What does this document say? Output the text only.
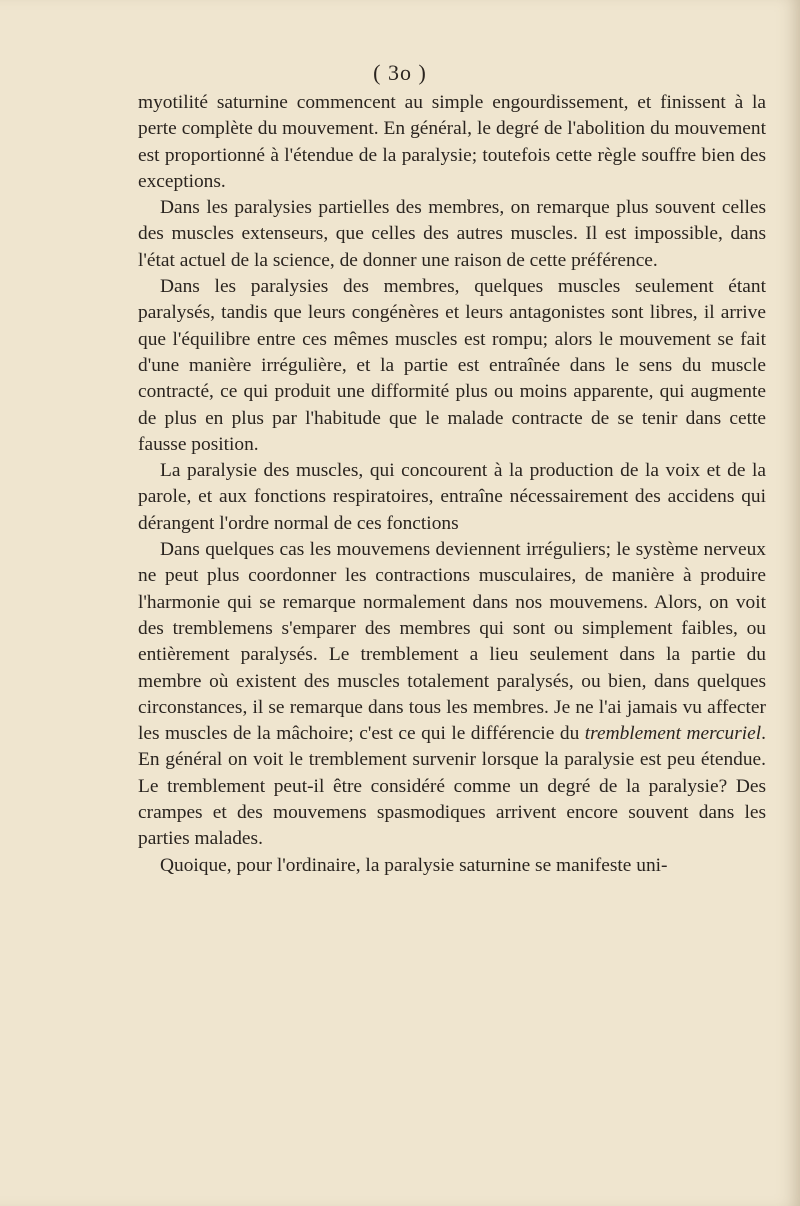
( 3o )

myotilité saturnine commencent au simple engourdissement, et finissent à la perte complète du mouvement. En général, le degré de l'abolition du mouvement est proportionné à l'étendue de la paralysie; toutefois cette règle souffre bien des exceptions.

Dans les paralysies partielles des membres, on remarque plus souvent celles des muscles extenseurs, que celles des autres muscles. Il est impossible, dans l'état actuel de la science, de donner une raison de cette préférence.

Dans les paralysies des membres, quelques muscles seulement étant paralysés, tandis que leurs congénères et leurs antagonistes sont libres, il arrive que l'équilibre entre ces mêmes muscles est rompu; alors le mouvement se fait d'une manière irrégulière, et la partie est entraînée dans le sens du muscle contracté, ce qui produit une difformité plus ou moins apparente, qui augmente de plus en plus par l'habitude que le malade contracte de se tenir dans cette fausse position.

La paralysie des muscles, qui concourent à la production de la voix et de la parole, et aux fonctions respiratoires, entraîne nécessairement des accidens qui dérangent l'ordre normal de ces fonctions

Dans quelques cas les mouvemens deviennent irréguliers; le système nerveux ne peut plus coordonner les contractions musculaires, de manière à produire l'harmonie qui se remarque normalement dans nos mouvemens. Alors, on voit des tremblemens s'emparer des membres qui sont ou simplement faibles, ou entièrement paralysés. Le tremblement a lieu seulement dans la partie du membre où existent des muscles totalement paralysés, ou bien, dans quelques circonstances, il se remarque dans tous les membres. Je ne l'ai jamais vu affecter les muscles de la mâchoire; c'est ce qui le différencie du tremblement mercuriel. En général on voit le tremblement survenir lorsque la paralysie est peu étendue. Le tremblement peut-il être considéré comme un degré de la paralysie? Des crampes et des mouvemens spasmodiques arrivent encore souvent dans les parties malades.

Quoique, pour l'ordinaire, la paralysie saturnine se manifeste uni-
